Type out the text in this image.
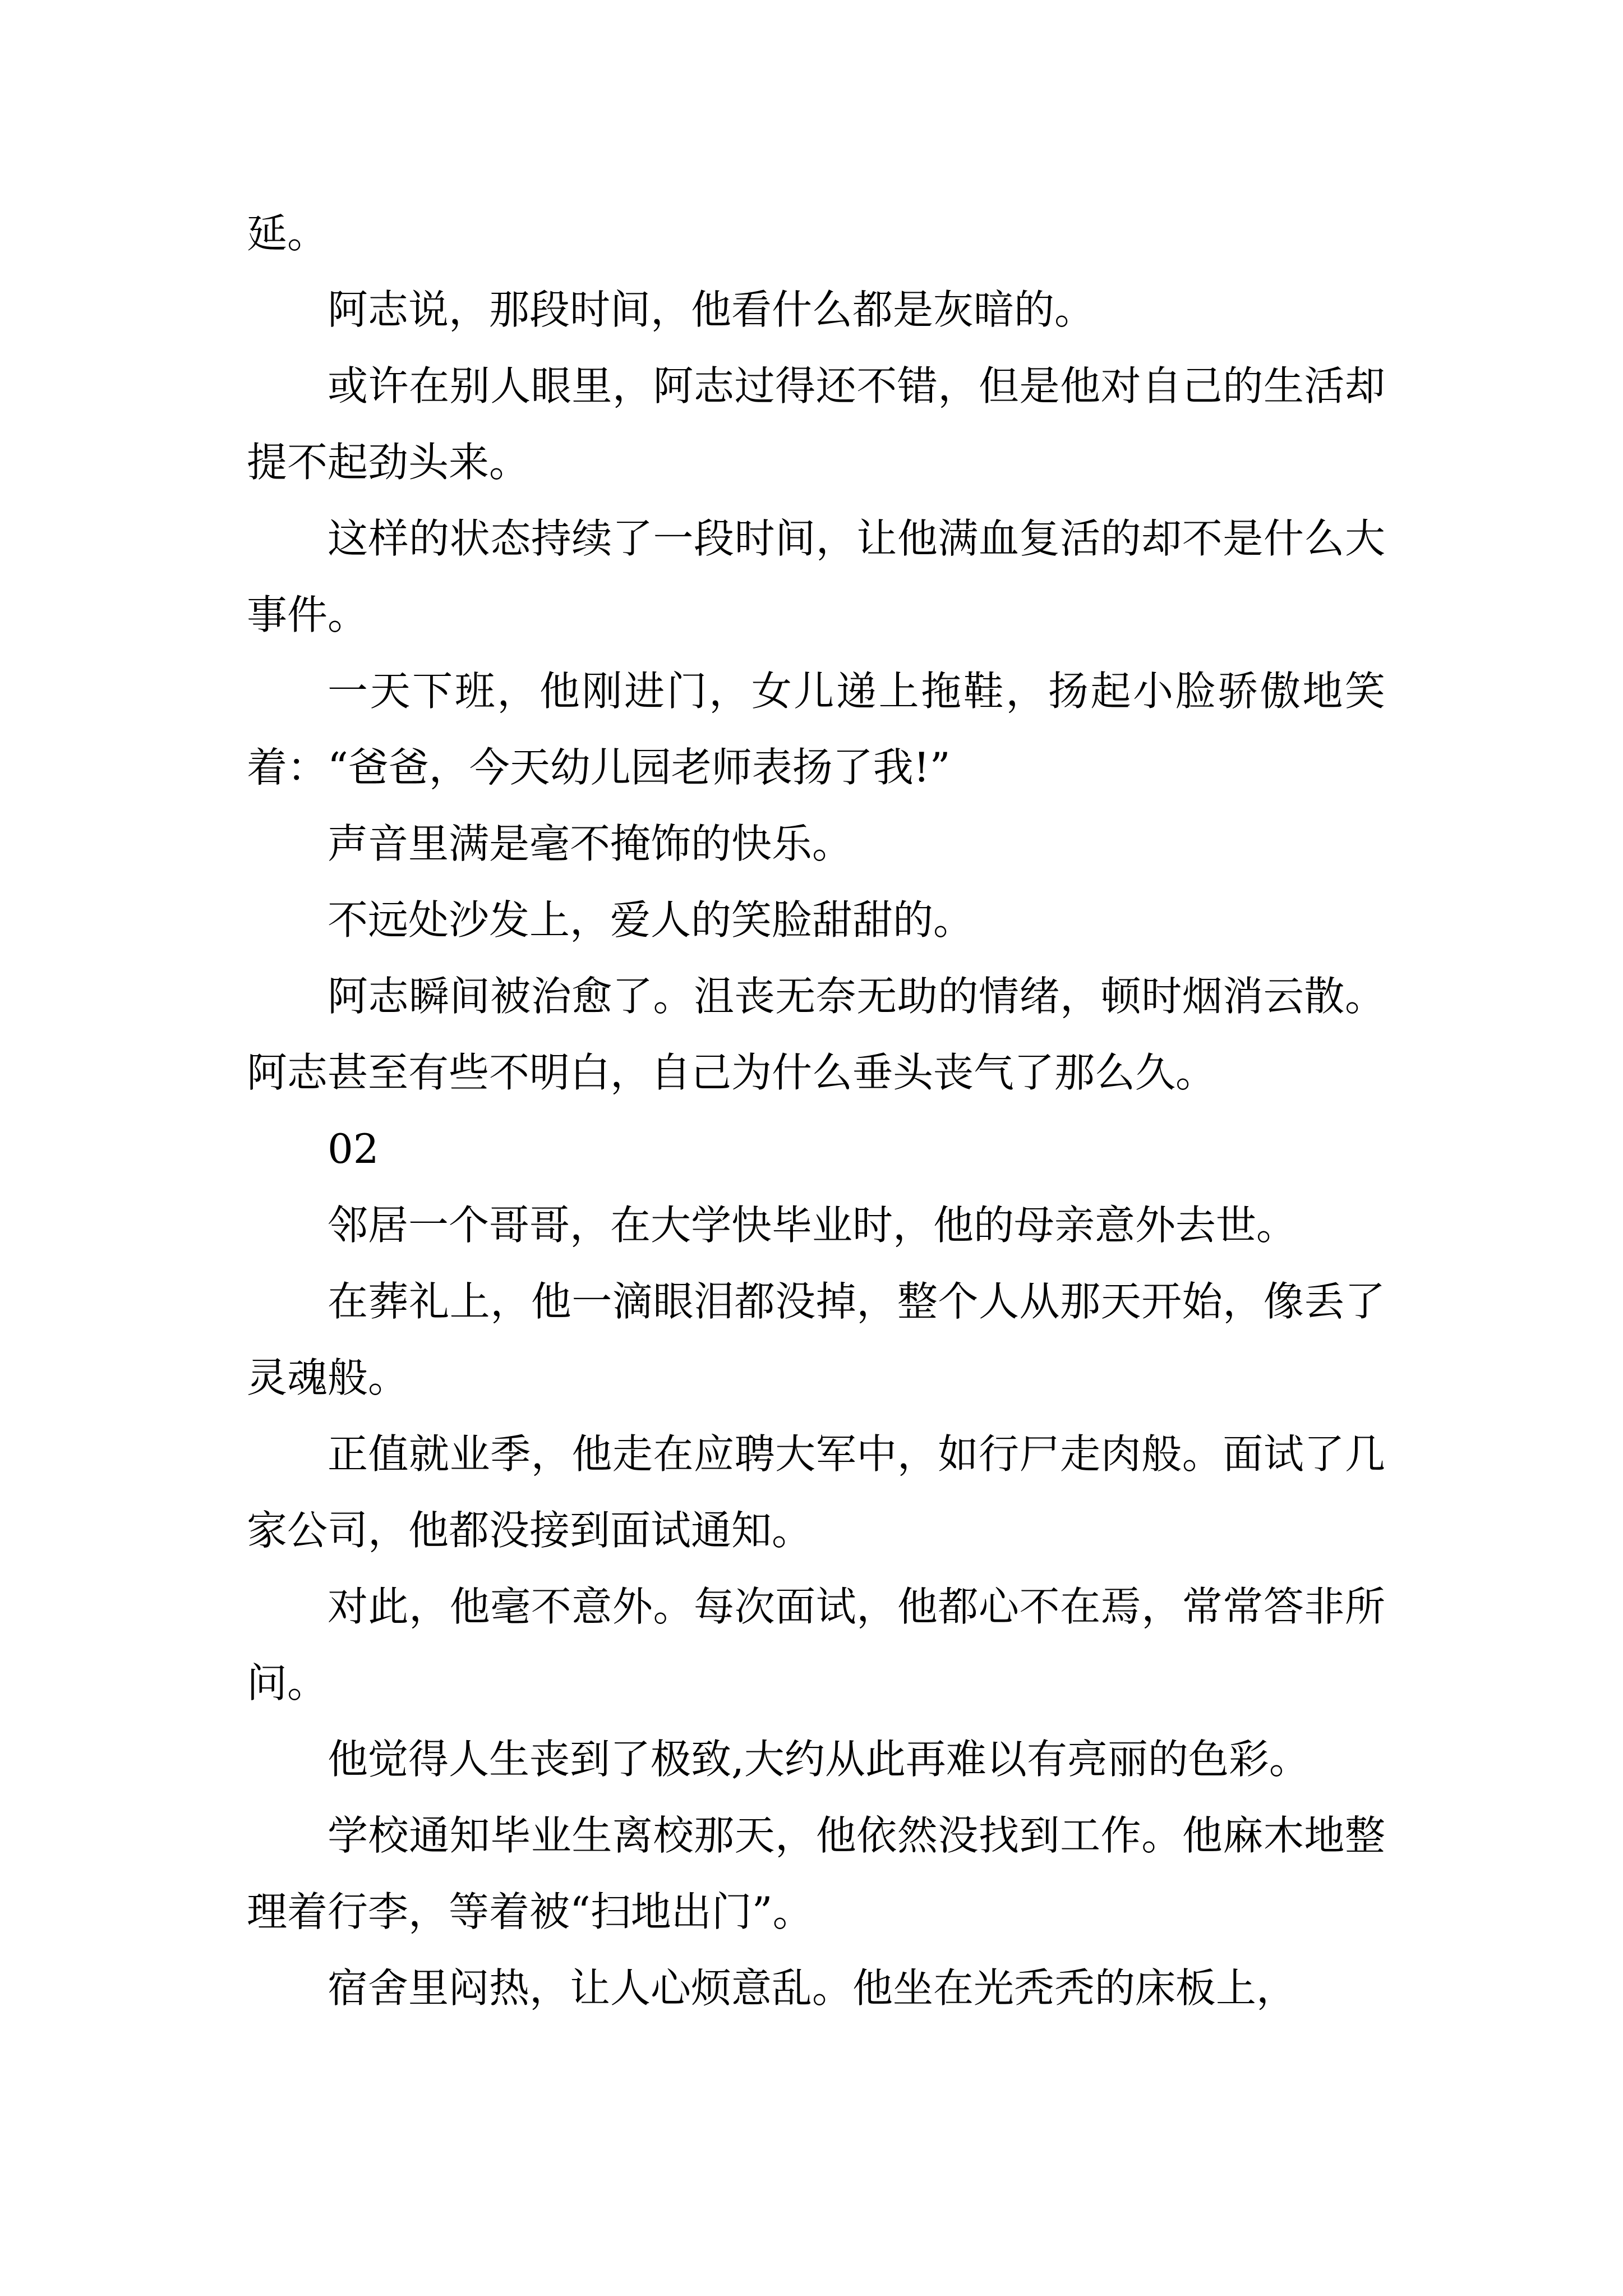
延。

阿志说，那段时间，他看什么都是灰暗的。

或许在别人眼里，阿志过得还不错，但是他对自己的生活却提不起劲头来。

这样的状态持续了一段时间，让他满血复活的却不是什么大事件。

一天下班，他刚进门，女儿递上拖鞋，扬起小脸骄傲地笑着：“爸爸，今天幼儿园老师表扬了我!”

声音里满是毫不掩饰的快乐。

不远处沙发上，爱人的笑脸甜甜的。

阿志瞬间被治愈了。沮丧无奈无助的情绪，顿时烟消云散。阿志甚至有些不明白，自己为什么垂头丧气了那么久。

02

邻居一个哥哥，在大学快毕业时，他的母亲意外去世。

在葬礼上，他一滴眼泪都没掉，整个人从那天开始，像丢了灵魂般。

正值就业季，他走在应聘大军中，如行尸走肉般。面试了几家公司，他都没接到面试通知。

对此，他毫不意外。每次面试，他都心不在焉，常常答非所问。

他觉得人生丧到了极致,大约从此再难以有亮丽的色彩。

学校通知毕业生离校那天，他依然没找到工作。他麻木地整理着行李，等着被“扫地出门”。

宿舍里闷热，让人心烦意乱。他坐在光秃秃的床板上，
